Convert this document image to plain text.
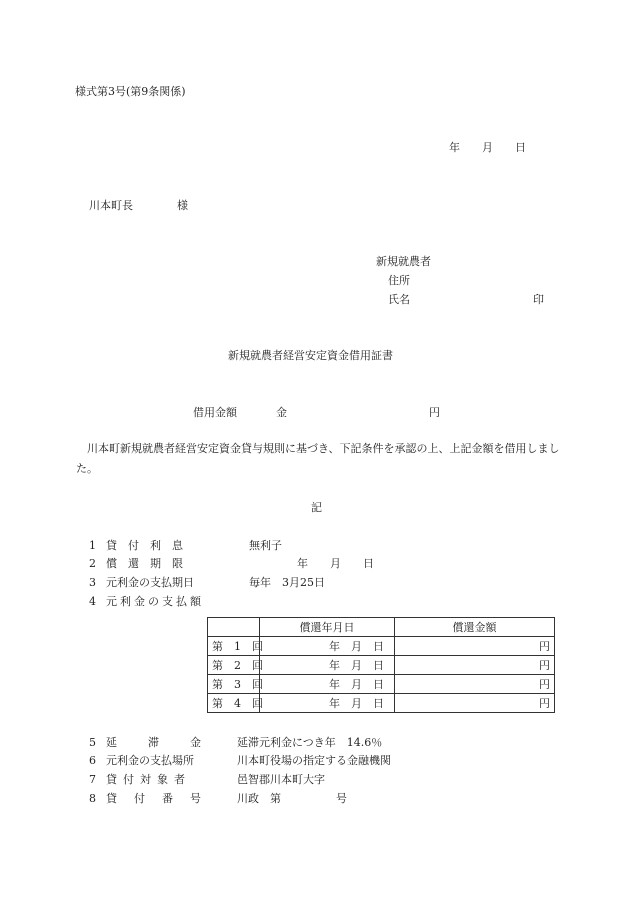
様式第3号(第9条関係)
年　　月　　日
川本町長　　　　様
新規就農者
住所
氏名	印
新規就農者経営安定資金借用証書
借用金額	金	円
川本町新規就農者経営安定資金貸与規則に基づき、下記条件を承認の上、上記金額を借用しました。
記
1 貸付利息	無利子
2 償還期限	年　　月　　日
3 元利金の支払期日	毎年　3月25日
4 元利金の支払額
	償還年月日	償還金額
第　1　回	年　月　日	円
第　2　回	年　月　日	円
第　3　回	年　月　日	円
第　4　回	年　月　日	円
5 延滞金 延滞元利金につき年　14.6％
6 元利金の支払場所	川本町役場の指定する金融機関
7 貸付対象者	邑智郡川本町大字
8 貸付番号 川政　第　　　　　号
